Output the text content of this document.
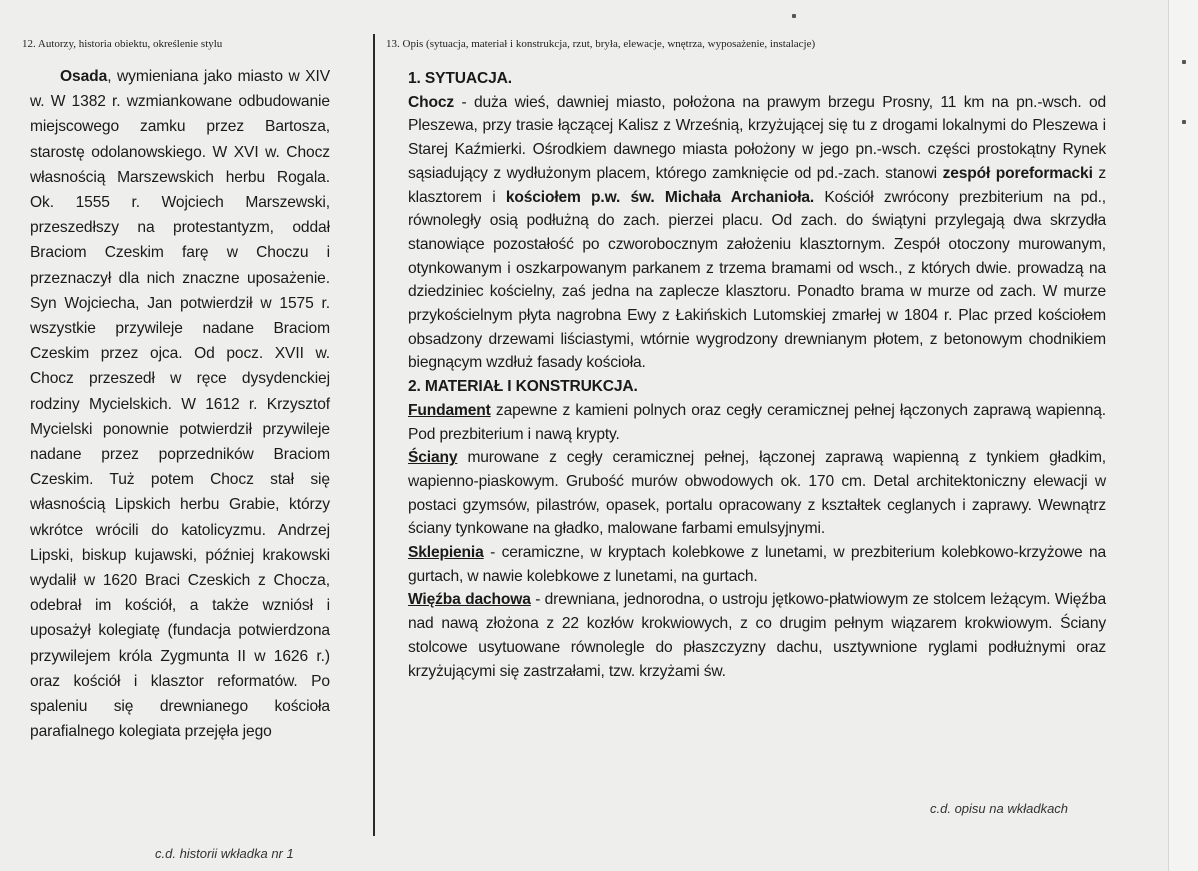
12. Autorzy, historia obiektu, określenie stylu	13. Opis (sytuacja, materiał i konstrukcja, rzut, bryła, elewacje, wnętrza, wyposażenie, instalacje)

Osada, wymieniana jako miasto w XIV w. W 1382 r. wzmiankowane odbudowanie miejscowego zamku przez Bartosza, starostę odolanowskiego. W XVI w. Chocz własnością Marszewskich herbu Rogala. Ok. 1555 r. Wojciech Marszewski, przeszedłszy na protestantyzm, oddał Braciom Czeskim farę w Choczu i przeznaczył dla nich znaczne uposażenie. Syn Wojciecha, Jan potwierdził w 1575 r. wszystkie przywileje nadane Braciom Czeskim przez ojca. Od pocz. XVII w. Chocz przeszedł w ręce dysydenckiej rodziny Mycielskich. W 1612 r. Krzysztof Mycielski ponownie potwierdził przywileje nadane przez poprzedników Braciom Czeskim. Tuż potem Chocz stał się własnością Lipskich herbu Grabie, którzy wkrótce wrócili do katolicyzmu. Andrzej Lipski, biskup kujawski, później krakowski wydalił w 1620 Braci Czeskich z Chocza, odebrał im kościół, a także wzniósł i uposażył kolegiatę (fundacja potwierdzona przywilejem króla Zygmunta II w 1626 r.) oraz kościół i klasztor reformatów. Po spaleniu się drewnianego kościoła parafialnego kolegiata przejęła jego

c.d. historii wkładka nr 1

1. SYTUACJA.

Chocz - duża wieś, dawniej miasto, położona na prawym brzegu Prosny, 11 km na pn.-wsch. od Pleszewa, przy trasie łączącej Kalisz z Wrześnią, krzyżującej się tu z drogami lokalnymi do Pleszewa i Starej Kaźmierki. Ośrodkiem dawnego miasta położony w jego pn.-wsch. części prostokątny Rynek sąsiadujący z wydłużonym placem, którego zamknięcie od pd.-zach. stanowi zespół poreformacki z klasztorem i kościołem p.w. św. Michała Archanioła. Kościół zwrócony prezbiterium na pd., równoległy osią podłużną do zach. pierzei placu. Od zach. do świątyni przylegają dwa skrzydła stanowiące pozostałość po czworobocznym założeniu klasztornym. Zespół otoczony murowanym, otynkowanym i oszkarpowanym parkanem z trzema bramami od wsch., z których dwie. prowadzą na dziedziniec kościelny, zaś jedna na zaplecze klasztoru. Ponadto brama w murze od zach. W murze przykościelnym płyta nagrobna Ewy z Łakińskich Lutomskiej zmarłej w 1804 r. Plac przed kościołem obsadzony drzewami liściastymi, wtórnie wygrodzony drewnianym płotem, z betonowym chodnikiem biegnącym wzdłuż fasady kościoła.

2. MATERIAŁ I KONSTRUKCJA.

Fundament zapewne z kamieni polnych oraz cegły ceramicznej pełnej łączonych zaprawą wapienną. Pod prezbiterium i nawą krypty.

Ściany murowane z cegły ceramicznej pełnej, łączonej zaprawą wapienną z tynkiem gładkim, wapienno-piaskowym. Grubość murów obwodowych ok. 170 cm. Detal architektoniczny elewacji w postaci gzymsów, pilastrów, opasek, portalu opracowany z kształtek ceglanych i zaprawy. Wewnątrz ściany tynkowane na gładko, malowane farbami emulsyjnymi.

Sklepienia - ceramiczne, w kryptach kolebkowe z lunetami, w prezbiterium kolebkowo-krzyżowe na gurtach, w nawie kolebkowe z lunetami, na gurtach.

Więźba dachowa - drewniana, jednorodna, o ustroju jętkowo-płatwiowym ze stolcem leżącym. Więźba nad nawą złożona z 22 kozłów krokwiowych, z co drugim pełnym wiązarem krokwiowym. Ściany stolcowe usytuowane równolegle do płaszczyzny dachu, usztywnione ryglami podłużnymi oraz krzyżującymi się zastrzałami, tzw. krzyżami św.

c.d. opisu na wkładkach
